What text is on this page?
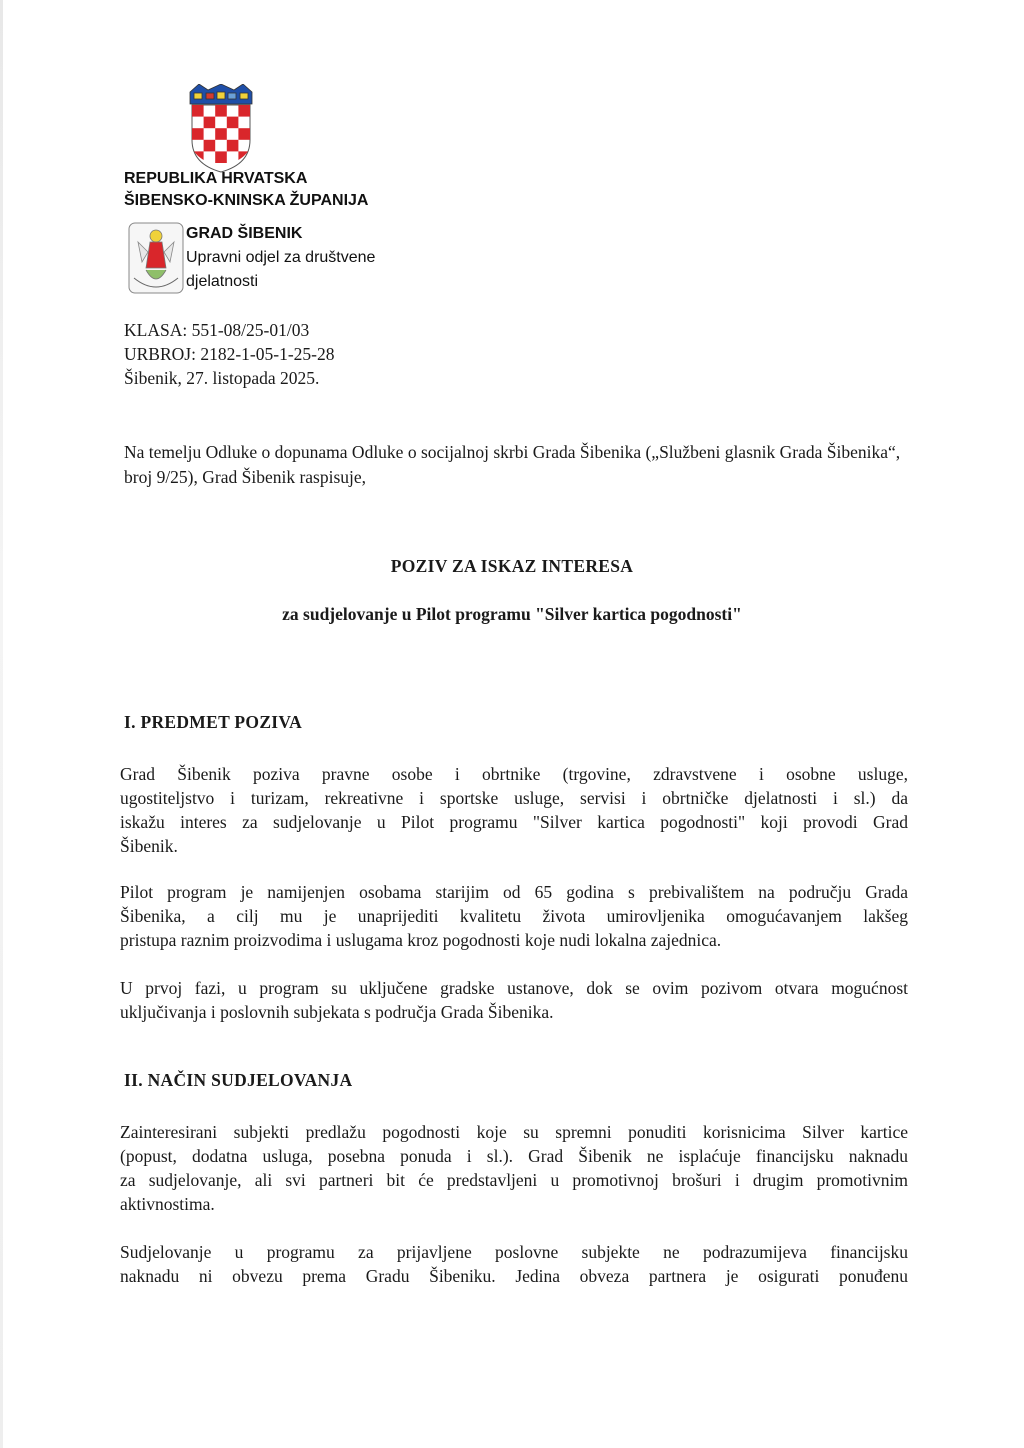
REPUBLIKA HRVATSKA
ŠIBENSKO-KNINSKA ŽUPANIJA
GRAD ŠIBENIK
Upravni odjel za društvene
djelatnosti
KLASA: 551-08/25-01/03
URBROJ: 2182-1-05-1-25-28
Šibenik, 27. listopada 2025.
Na temelju Odluke o dopunama Odluke o socijalnoj skrbi Grada Šibenika („Službeni glasnik Grada Šibenika“, broj 9/25), Grad Šibenik raspisuje,
POZIV ZA ISKAZ INTERESA
za sudjelovanje u Pilot programu "Silver kartica pogodnosti"
I. PREDMET POZIVA
Grad Šibenik poziva pravne osobe i obrtnike (trgovine, zdravstvene i osobne usluge,
ugostiteljstvo i turizam, rekreativne i sportske usluge, servisi i obrtničke djelatnosti i sl.) da
iskažu interes za sudjelovanje u Pilot programu "Silver kartica pogodnosti" koji provodi Grad
Šibenik.
Pilot program je namijenjen osobama starijim od 65 godina s prebivalištem na području Grada
Šibenika, a cilj mu je unaprijediti kvalitetu života umirovljenika omogućavanjem lakšeg
pristupa raznim proizvodima i uslugama kroz pogodnosti koje nudi lokalna zajednica.
U prvoj fazi, u program su uključene gradske ustanove, dok se ovim pozivom otvara mogućnost
uključivanja i poslovnih subjekata s područja Grada Šibenika.
II. NAČIN SUDJELOVANJA
Zainteresirani subjekti predlažu pogodnosti koje su spremni ponuditi korisnicima Silver kartice
(popust, dodatna usluga, posebna ponuda i sl.). Grad Šibenik ne isplaćuje financijsku naknadu
za sudjelovanje, ali svi partneri bit će predstavljeni u promotivnoj brošuri i drugim promotivnim
aktivnostima.
Sudjelovanje u programu za prijavljene poslovne subjekte ne podrazumijeva financijsku
naknadu ni obvezu prema Gradu Šibeniku. Jedina obveza partnera je osigurati ponuđenu
